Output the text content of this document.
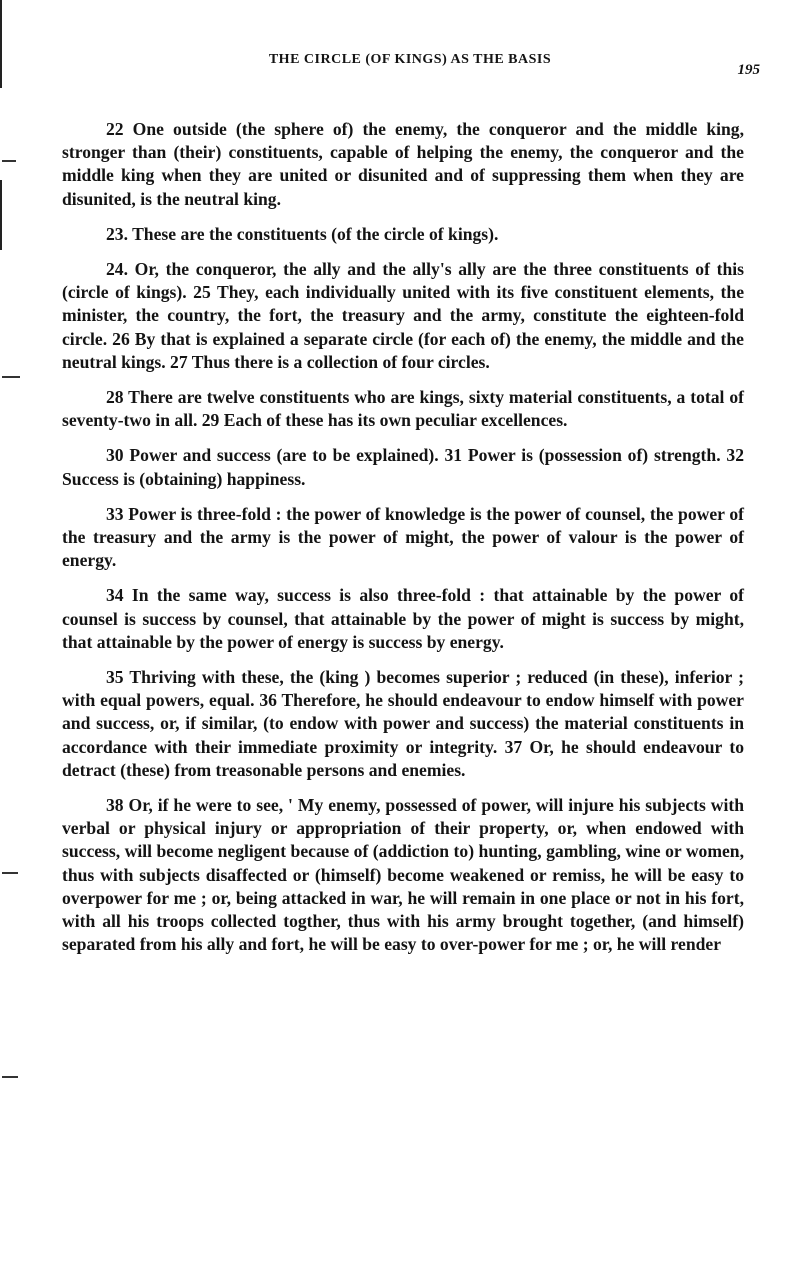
THE CIRCLE (OF KINGS) AS THE BASIS
195

22 One outside (the sphere of) the enemy, the conqueror and the middle king, stronger than (their) constituents, capable of helping the enemy, the conqueror and the middle king when they are united or disunited and of suppressing them when they are disunited, is the neutral king.

23. These are the constituents (of the circle of kings).

24. Or, the conqueror, the ally and the ally's ally are the three constituents of this (circle of kings). 25 They, each individually united with its five constituent elements, the minister, the country, the fort, the treasury and the army, constitute the eighteen-fold circle. 26 By that is explained a separate circle (for each of) the enemy, the middle and the neutral kings. 27 Thus there is a collection of four circles.

28 There are twelve constituents who are kings, sixty material constituents, a total of seventy-two in all. 29 Each of these has its own peculiar excellences.

30 Power and success (are to be explained). 31 Power is (possession of) strength. 32 Success is (obtaining) happiness.

33 Power is three-fold : the power of knowledge is the power of counsel, the power of the treasury and the army is the power of might, the power of valour is the power of energy.

34 In the same way, success is also three-fold : that attainable by the power of counsel is success by counsel, that attainable by the power of might is success by might, that attainable by the power of energy is success by energy.

35 Thriving with these, the (king ) becomes superior ; reduced (in these), inferior ; with equal powers, equal. 36 Therefore, he should endeavour to endow himself with power and success, or, if similar, (to endow with power and success) the material constituents in accordance with their immediate proximity or integrity. 37 Or, he should endeavour to detract (these) from treasonable persons and enemies.

38 Or, if he were to see, ' My enemy, possessed of power, will injure his subjects with verbal or physical injury or appropriation of their property, or, when endowed with success, will become negligent because of (addiction to) hunting, gambling, wine or women, thus with subjects disaffected or (himself) become weakened or remiss, he will be easy to overpower for me ; or, being attacked in war, he will remain in one place or not in his fort, with all his troops collected togther, thus with his army brought together, (and himself) separated from his ally and fort, he will be easy to over-power for me ; or, he will render
